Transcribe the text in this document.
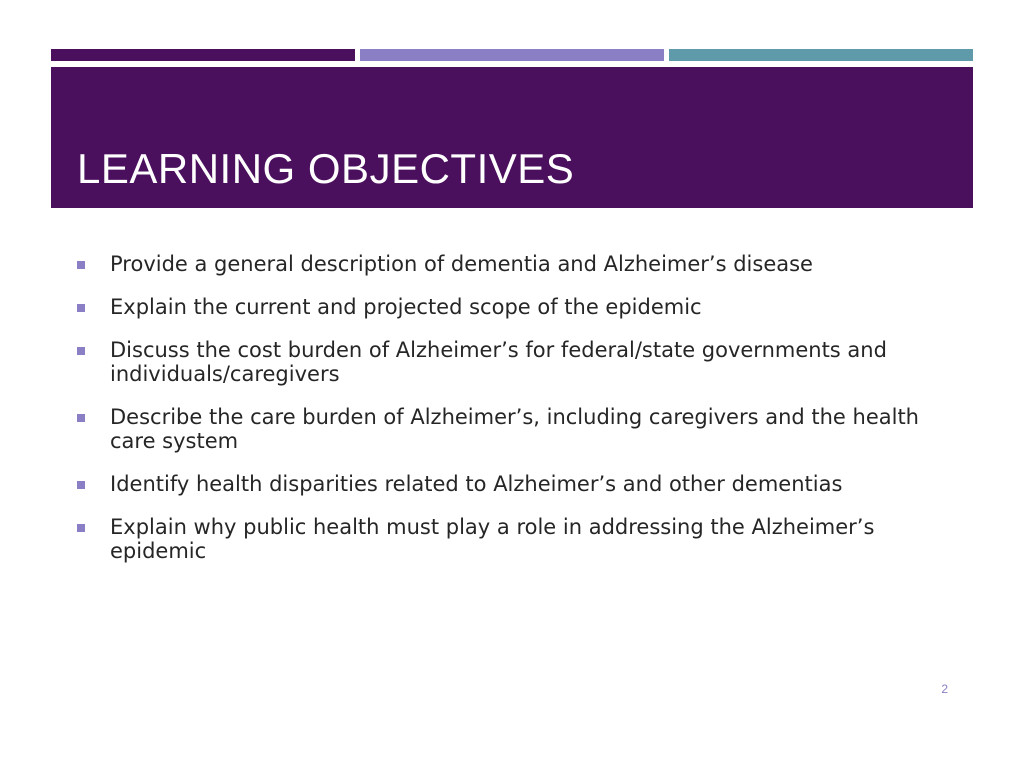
LEARNING OBJECTIVES
Provide a general description of dementia and Alzheimer’s disease
Explain the current and projected scope of the epidemic
Discuss the cost burden of Alzheimer’s for federal/state governments and individuals/caregivers
Describe the care burden of Alzheimer’s, including caregivers and the health care system
Identify health disparities related to Alzheimer’s and other dementias
Explain why public health must play a role in addressing the Alzheimer’s epidemic
2
